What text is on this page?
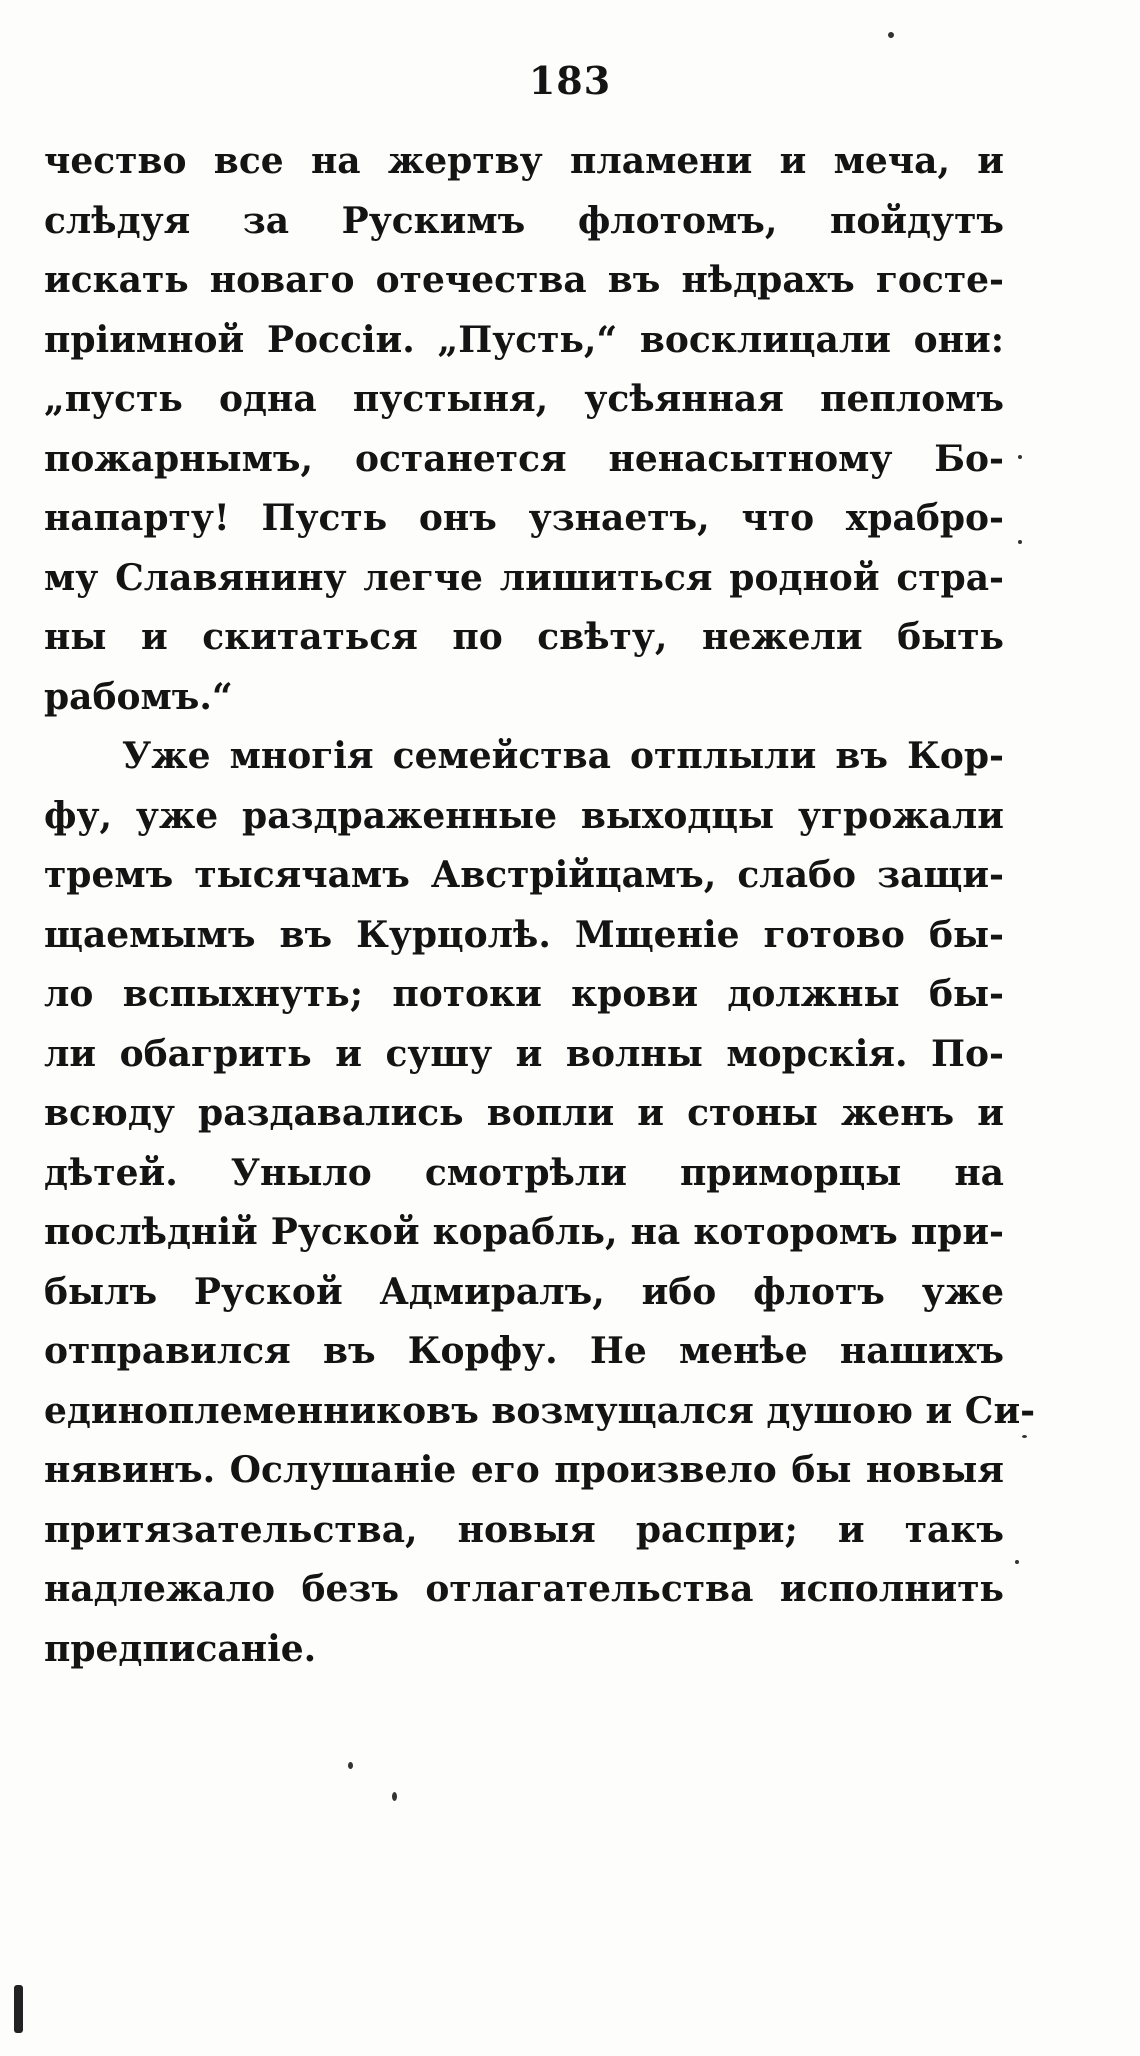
183
чество все на жертву пламени и меча, и
слѣдуя за Рускимъ флотомъ, пойдутъ
искать новаго отечества въ нѣдрахъ госте-
пріимной Россіи. „Пусть,“ восклицали они:
„пусть одна пустыня, усѣянная пепломъ
пожарнымъ, останется ненасытному Бо-
напарту! Пусть онъ узнаетъ, что храбро-
му Славянину легче лишиться родной стра-
ны и скитаться по свѣту, нежели быть
рабомъ.“
Уже многія семейства отплыли въ Кор-
фу, уже раздраженные выходцы угрожали
тремъ тысячамъ Австрійцамъ, слабо защи-
щаемымъ въ Курцолѣ. Мщеніе готово бы-
ло вспыхнуть; потоки крови должны бы-
ли обагрить и сушу и волны морскія. По-
всюду раздавались вопли и стоны женъ и
дѣтей. Уныло смотрѣли приморцы на
послѣдній Руской корабль, на которомъ при-
былъ Руской Адмиралъ, ибо флотъ уже
отправился въ Корфу. Не менѣе нашихъ
единоплеменниковъ возмущался душою и Си-
нявинъ. Ослушаніе его произвело бы новыя
притязательства, новыя распри; и такъ
надлежало безъ отлагательства исполнить
предписаніе.
